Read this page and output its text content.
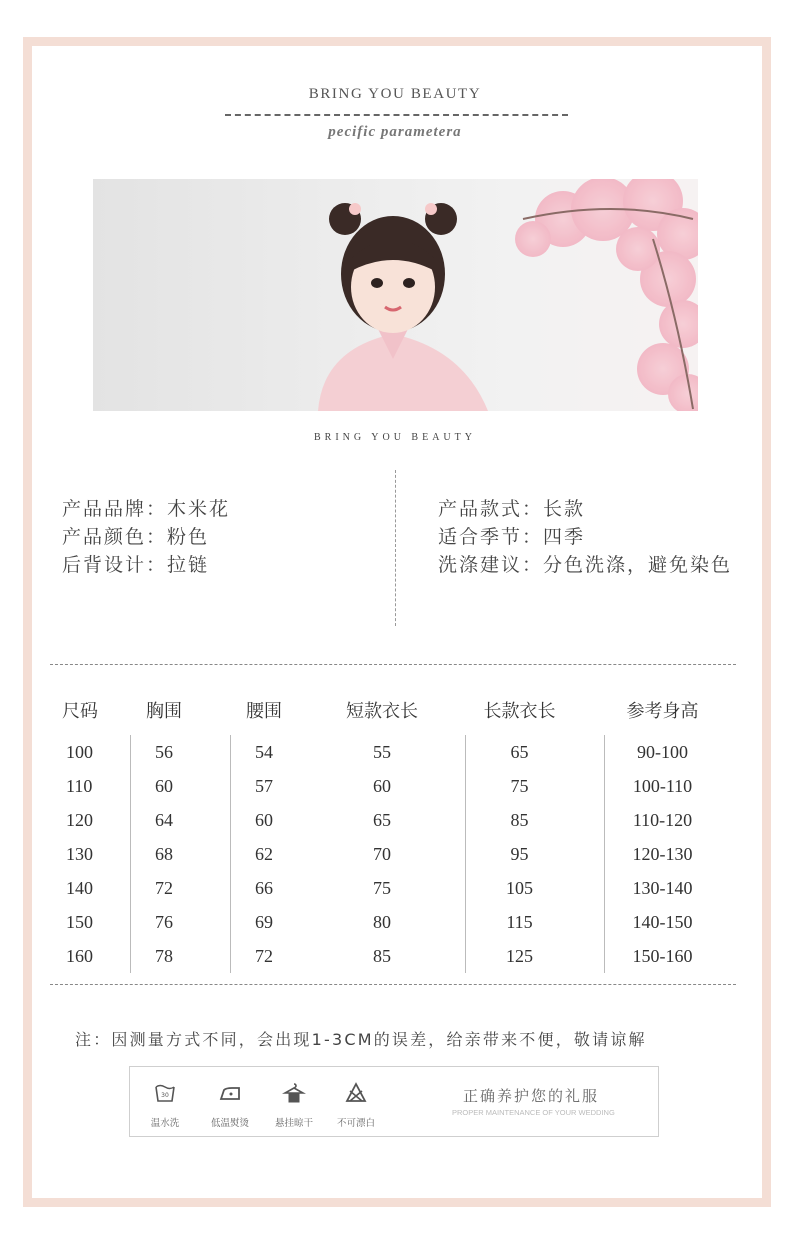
BRING YOU BEAUTY
pecific parametera
BRING YOU BEAUTY
产品品牌： 木米花
产品颜色： 粉色
后背设计： 拉链
产品款式： 长款
适合季节： 四季
洗涤建议： 分色洗涤，避免染色
尺码	胸围	腰围	短款衣长	长款衣长	参考身高
100	56	54	55	65	90-100
110	60	57	60	75	100-110
120	64	60	65	85	110-120
130	68	62	70	95	120-130
140	72	66	75	105	130-140
150	76	69	80	115	140-150
160	78	72	85	125	150-160
注：因测量方式不同，会出现1-3CM的误差，给亲带来不便，敬请谅解
30
温水洗	低温熨烫	悬挂晾干	不可漂白
正确养护您的礼服
PROPER MAINTENANCE OF YOUR WEDDING
